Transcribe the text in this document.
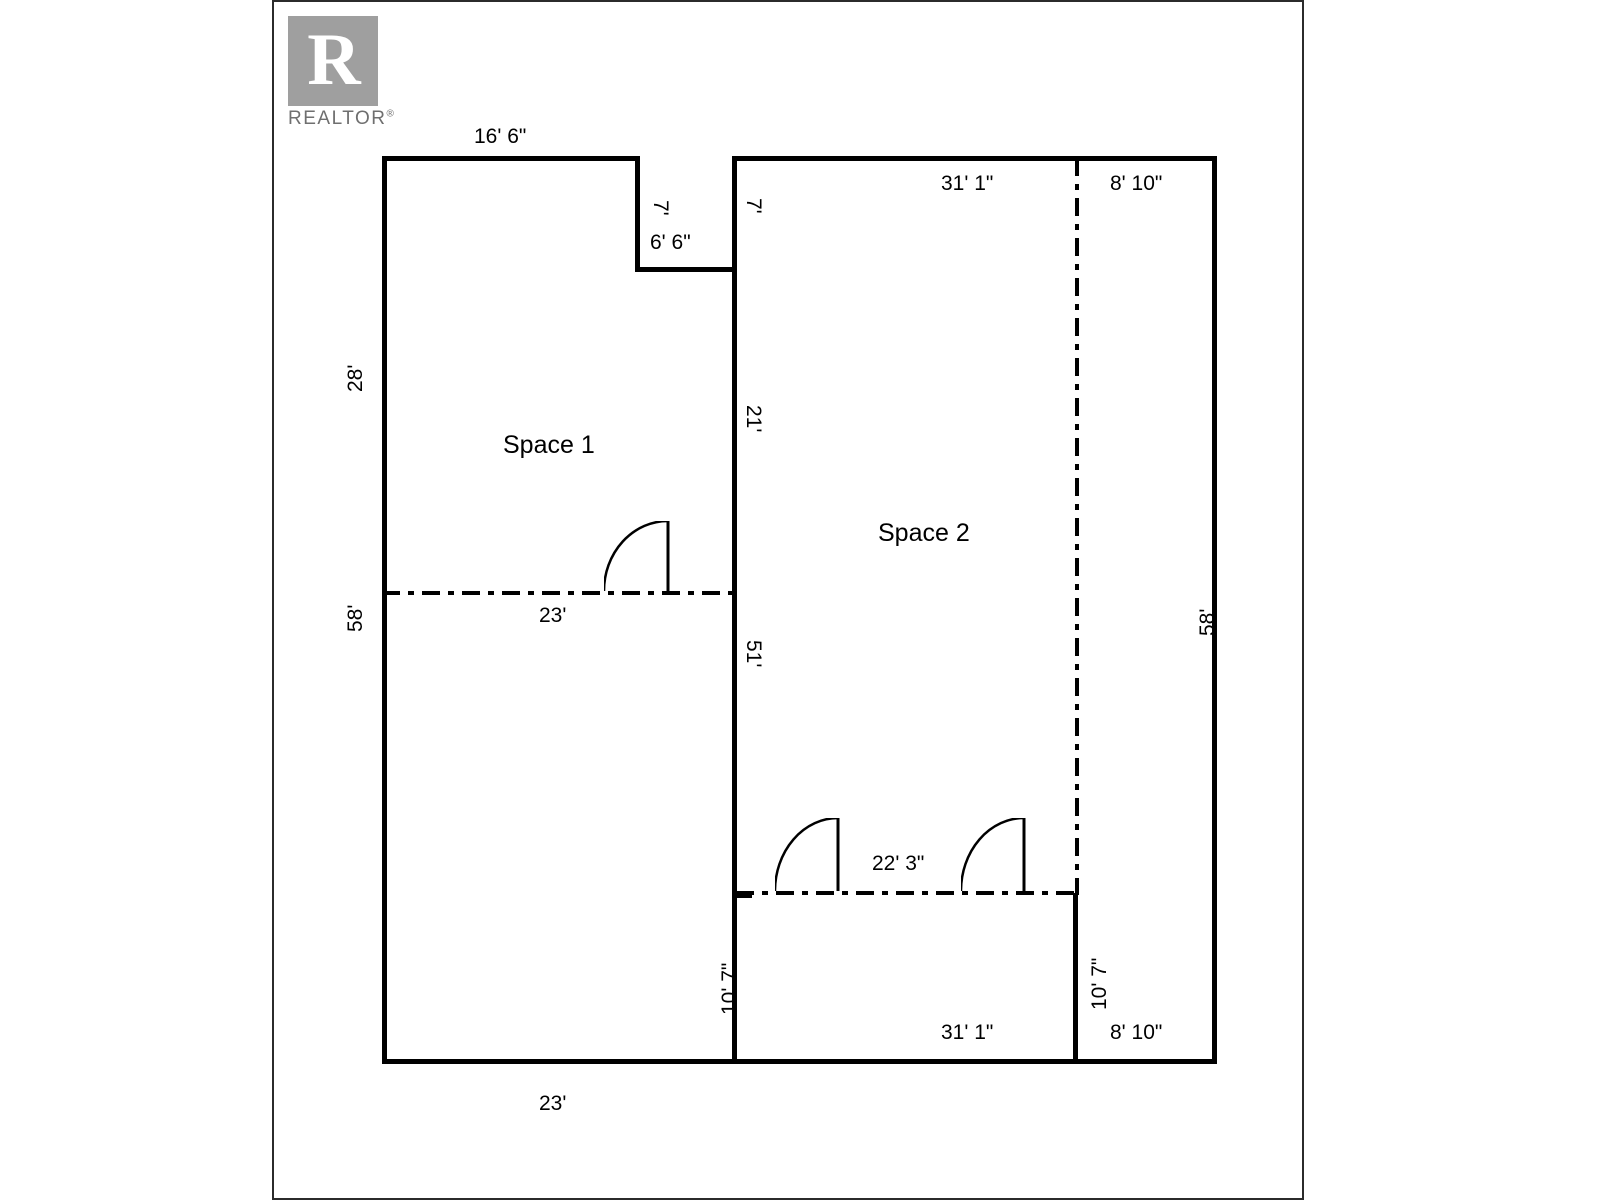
R
REALTOR®
Space 1
Space 2
16' 6"
7'
6' 6"
7'
31' 1"	8' 10"
28'
58'
21'
51'
23'	58'
22' 3"
10' 7"
31' 1"
10' 7"
8' 10"
23'
